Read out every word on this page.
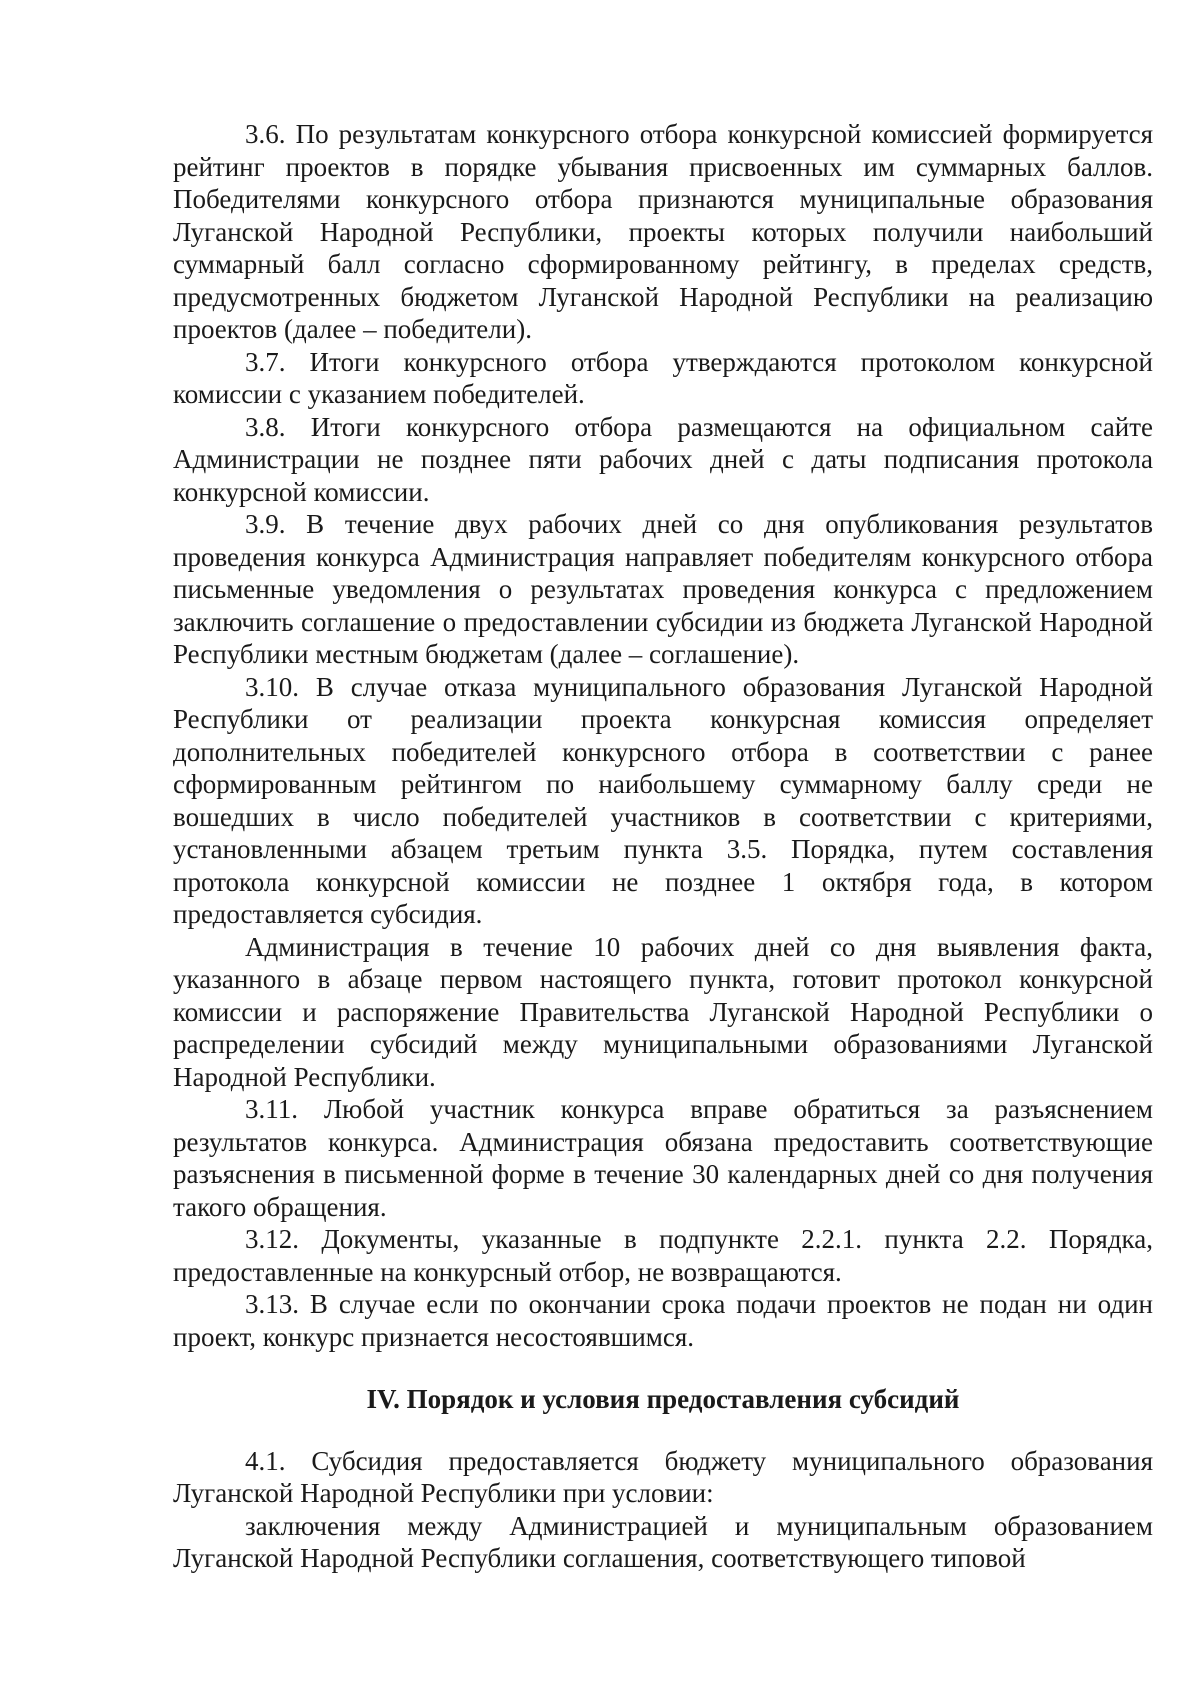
3.6. По результатам конкурсного отбора конкурсной комиссией формируется рейтинг проектов в порядке убывания присвоенных им суммарных баллов. Победителями конкурсного отбора признаются муниципальные образования Луганской Народной Республики, проекты которых получили наибольший суммарный балл согласно сформированному рейтингу, в пределах средств, предусмотренных бюджетом Луганской Народной Республики на реализацию проектов (далее – победители).

3.7. Итоги конкурсного отбора утверждаются протоколом конкурсной комиссии с указанием победителей.

3.8. Итоги конкурсного отбора размещаются на официальном сайте Администрации не позднее пяти рабочих дней с даты подписания протокола конкурсной комиссии.

3.9. В течение двух рабочих дней со дня опубликования результатов проведения конкурса Администрация направляет победителям конкурсного отбора письменные уведомления о результатах проведения конкурса с предложением заключить соглашение о предоставлении субсидии из бюджета Луганской Народной Республики местным бюджетам (далее – соглашение).

3.10. В случае отказа муниципального образования Луганской Народной Республики от реализации проекта конкурсная комиссия определяет дополнительных победителей конкурсного отбора в соответствии с ранее сформированным рейтингом по наибольшему суммарному баллу среди не вошедших в число победителей участников в соответствии с критериями, установленными абзацем третьим пункта 3.5. Порядка, путем составления протокола конкурсной комиссии не позднее 1 октября года, в котором предоставляется субсидия.

Администрация в течение 10 рабочих дней со дня выявления факта, указанного в абзаце первом настоящего пункта, готовит протокол конкурсной комиссии и распоряжение Правительства Луганской Народной Республики о распределении субсидий между муниципальными образованиями Луганской Народной Республики.

3.11. Любой участник конкурса вправе обратиться за разъяснением результатов конкурса. Администрация обязана предоставить соответствующие разъяснения в письменной форме в течение 30 календарных дней со дня получения такого обращения.

3.12. Документы, указанные в подпункте 2.2.1. пункта 2.2. Порядка, предоставленные на конкурсный отбор, не возвращаются.

3.13. В случае если по окончании срока подачи проектов не подан ни один проект, конкурс признается несостоявшимся.

IV. Порядок и условия предоставления субсидий

4.1. Субсидия предоставляется бюджету муниципального образования Луганской Народной Республики при условии:

заключения между Администрацией и муниципальным образованием Луганской Народной Республики соглашения, соответствующего типовой
